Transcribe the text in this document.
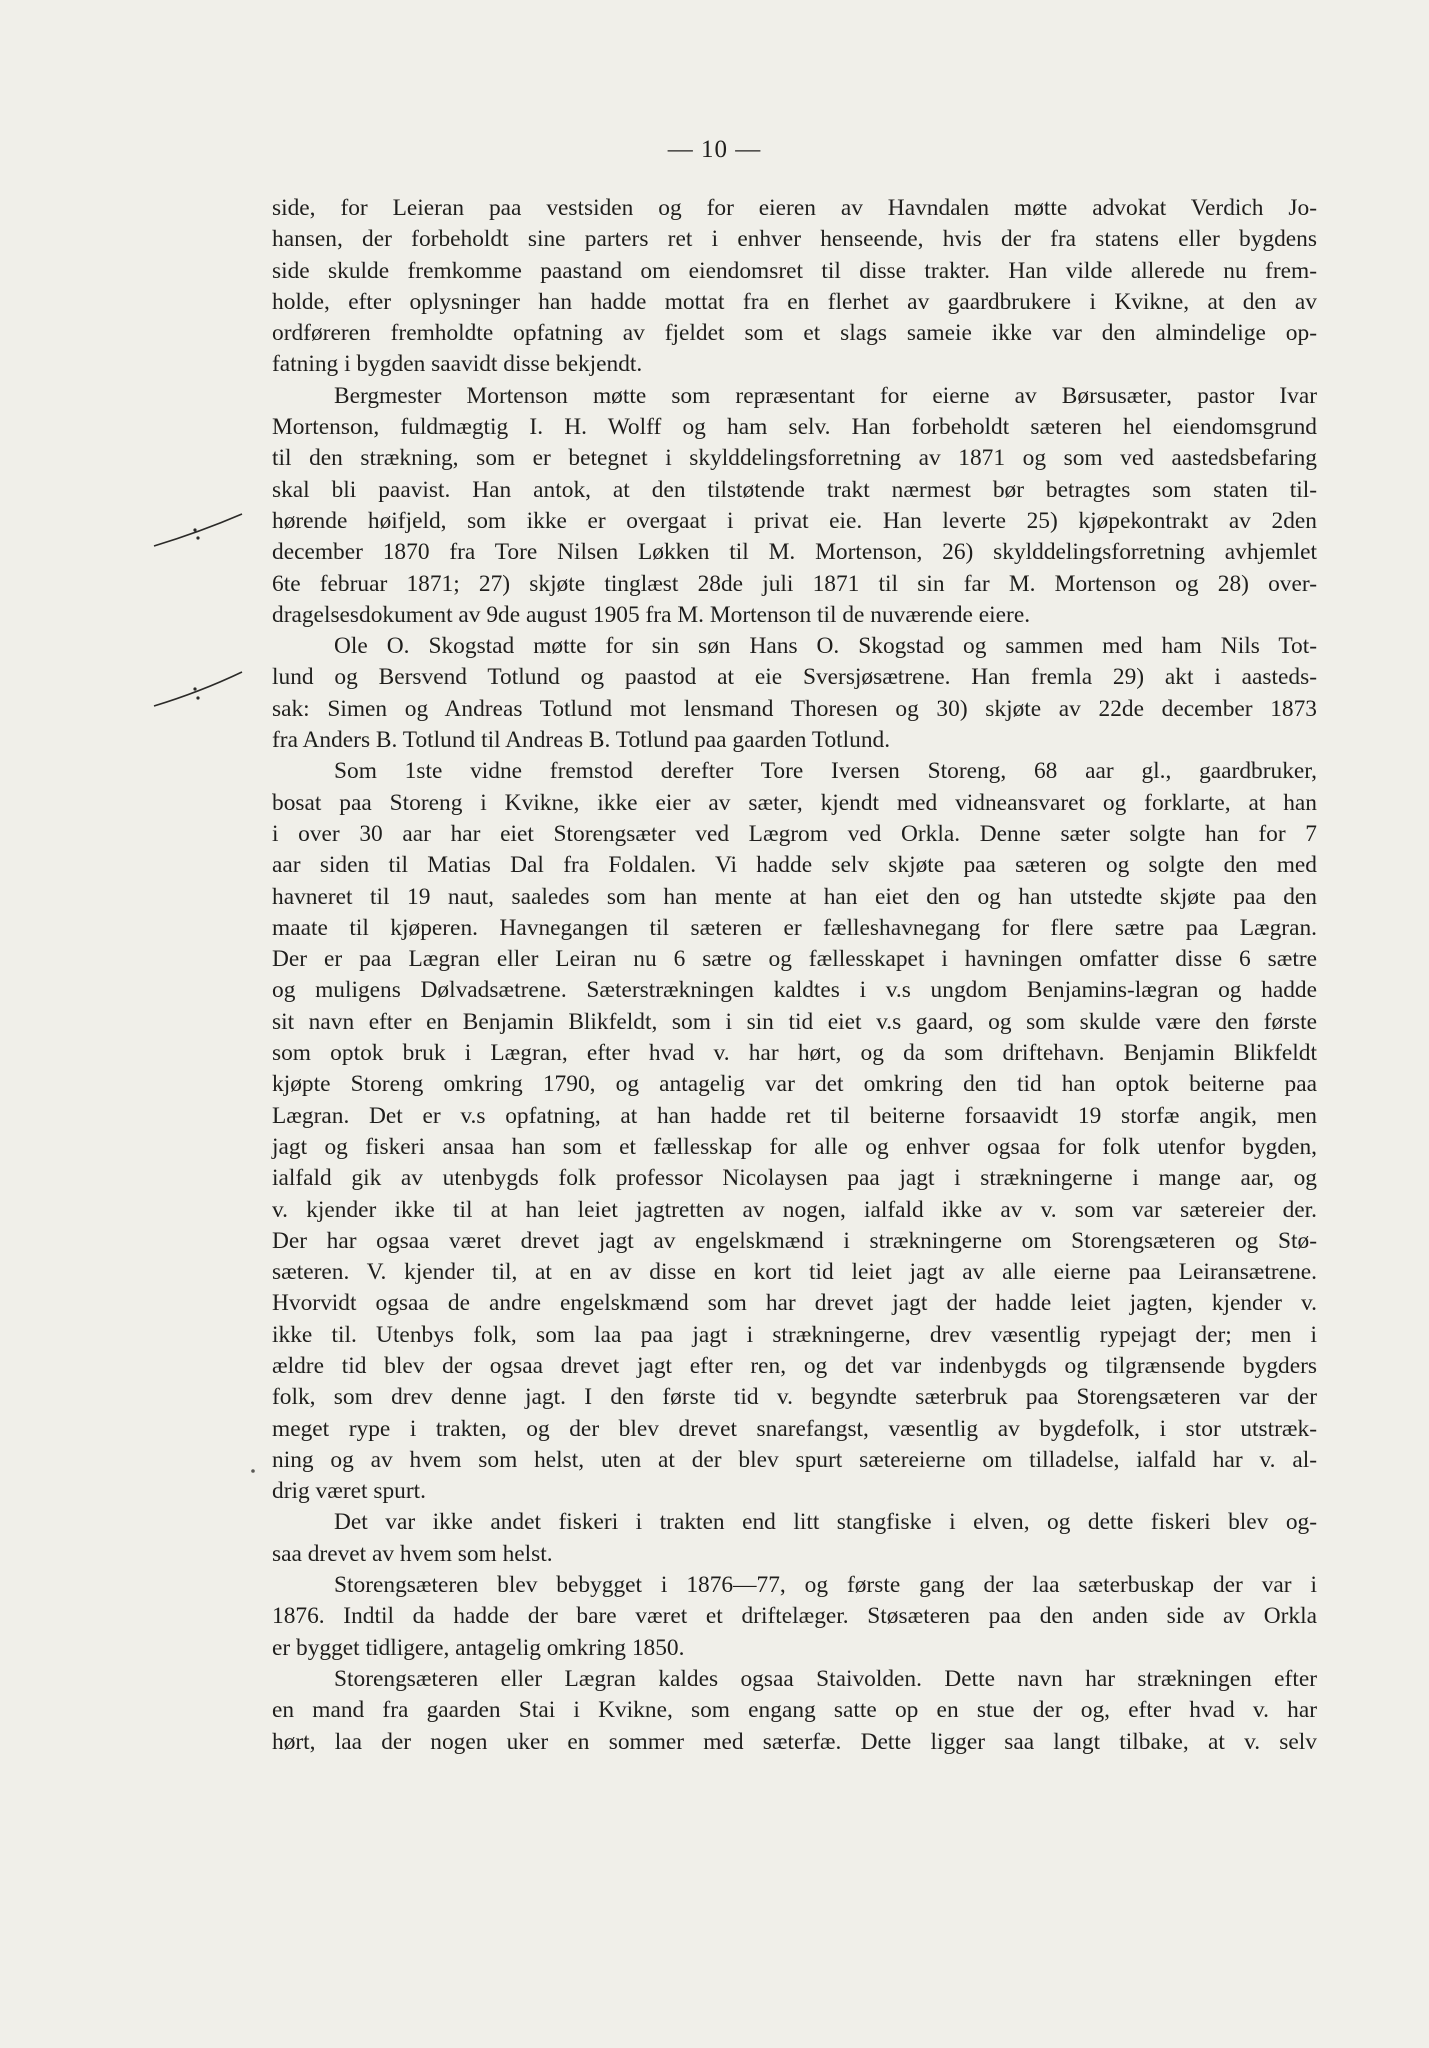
— 10 —
side, for Leieran paa vestsiden og for eieren av Havndalen møtte advokat Verdich Jo-
hansen, der forbeholdt sine parters ret i enhver henseende, hvis der fra statens eller bygdens
side skulde fremkomme paastand om eiendomsret til disse trakter. Han vilde allerede nu frem-
holde, efter oplysninger han hadde mottat fra en flerhet av gaardbrukere i Kvikne, at den av
ordføreren fremholdte opfatning av fjeldet som et slags sameie ikke var den almindelige op-
fatning i bygden saavidt disse bekjendt.
Bergmester Mortenson møtte som repræsentant for eierne av Børsusæter, pastor Ivar
Mortenson, fuldmægtig I. H. Wolff og ham selv. Han forbeholdt sæteren hel eiendomsgrund
til den strækning, som er betegnet i skylddelingsforretning av 1871 og som ved aastedsbefaring
skal bli paavist. Han antok, at den tilstøtende trakt nærmest bør betragtes som staten til-
hørende høifjeld, som ikke er overgaat i privat eie. Han leverte 25) kjøpekontrakt av 2den
december 1870 fra Tore Nilsen Løkken til M. Mortenson, 26) skylddelingsforretning avhjemlet
6te februar 1871; 27) skjøte tinglæst 28de juli 1871 til sin far M. Mortenson og 28) over-
dragelsesdokument av 9de august 1905 fra M. Mortenson til de nuværende eiere.
Ole O. Skogstad møtte for sin søn Hans O. Skogstad og sammen med ham Nils Tot-
lund og Bersvend Totlund og paastod at eie Sversjøsætrene. Han fremla 29) akt i aasteds-
sak: Simen og Andreas Totlund mot lensmand Thoresen og 30) skjøte av 22de december 1873
fra Anders B. Totlund til Andreas B. Totlund paa gaarden Totlund.
Som 1ste vidne fremstod derefter Tore Iversen Storeng, 68 aar gl., gaardbruker,
bosat paa Storeng i Kvikne, ikke eier av sæter, kjendt med vidneansvaret og forklarte, at han
i over 30 aar har eiet Storengsæter ved Lægrom ved Orkla. Denne sæter solgte han for 7
aar siden til Matias Dal fra Foldalen. Vi hadde selv skjøte paa sæteren og solgte den med
havneret til 19 naut, saaledes som han mente at han eiet den og han utstedte skjøte paa den
maate til kjøperen. Havnegangen til sæteren er fælleshavnegang for flere sætre paa Lægran.
Der er paa Lægran eller Leiran nu 6 sætre og fællesskapet i havningen omfatter disse 6 sætre
og muligens Dølvadsætrene. Sæterstrækningen kaldtes i v.s ungdom Benjamins-lægran og hadde
sit navn efter en Benjamin Blikfeldt, som i sin tid eiet v.s gaard, og som skulde være den første
som optok bruk i Lægran, efter hvad v. har hørt, og da som driftehavn. Benjamin Blikfeldt
kjøpte Storeng omkring 1790, og antagelig var det omkring den tid han optok beiterne paa
Lægran. Det er v.s opfatning, at han hadde ret til beiterne forsaavidt 19 storfæ angik, men
jagt og fiskeri ansaa han som et fællesskap for alle og enhver ogsaa for folk utenfor bygden,
ialfald gik av utenbygds folk professor Nicolaysen paa jagt i strækningerne i mange aar, og
v. kjender ikke til at han leiet jagtretten av nogen, ialfald ikke av v. som var sætereier der.
Der har ogsaa været drevet jagt av engelskmænd i strækningerne om Storengsæteren og Stø-
sæteren. V. kjender til, at en av disse en kort tid leiet jagt av alle eierne paa Leiransætrene.
Hvorvidt ogsaa de andre engelskmænd som har drevet jagt der hadde leiet jagten, kjender v.
ikke til. Utenbys folk, som laa paa jagt i strækningerne, drev væsentlig rypejagt der; men i
ældre tid blev der ogsaa drevet jagt efter ren, og det var indenbygds og tilgrænsende bygders
folk, som drev denne jagt. I den første tid v. begyndte sæterbruk paa Storengsæteren var der
meget rype i trakten, og der blev drevet snarefangst, væsentlig av bygdefolk, i stor utstræk-
ning og av hvem som helst, uten at der blev spurt sætereierne om tilladelse, ialfald har v. al-
drig været spurt.
Det var ikke andet fiskeri i trakten end litt stangfiske i elven, og dette fiskeri blev og-
saa drevet av hvem som helst.
Storengsæteren blev bebygget i 1876—77, og første gang der laa sæterbuskap der var i
1876. Indtil da hadde der bare været et driftelæger. Støsæteren paa den anden side av Orkla
er bygget tidligere, antagelig omkring 1850.
Storengsæteren eller Lægran kaldes ogsaa Staivolden. Dette navn har strækningen efter
en mand fra gaarden Stai i Kvikne, som engang satte op en stue der og, efter hvad v. har
hørt, laa der nogen uker en sommer med sæterfæ. Dette ligger saa langt tilbake, at v. selv
